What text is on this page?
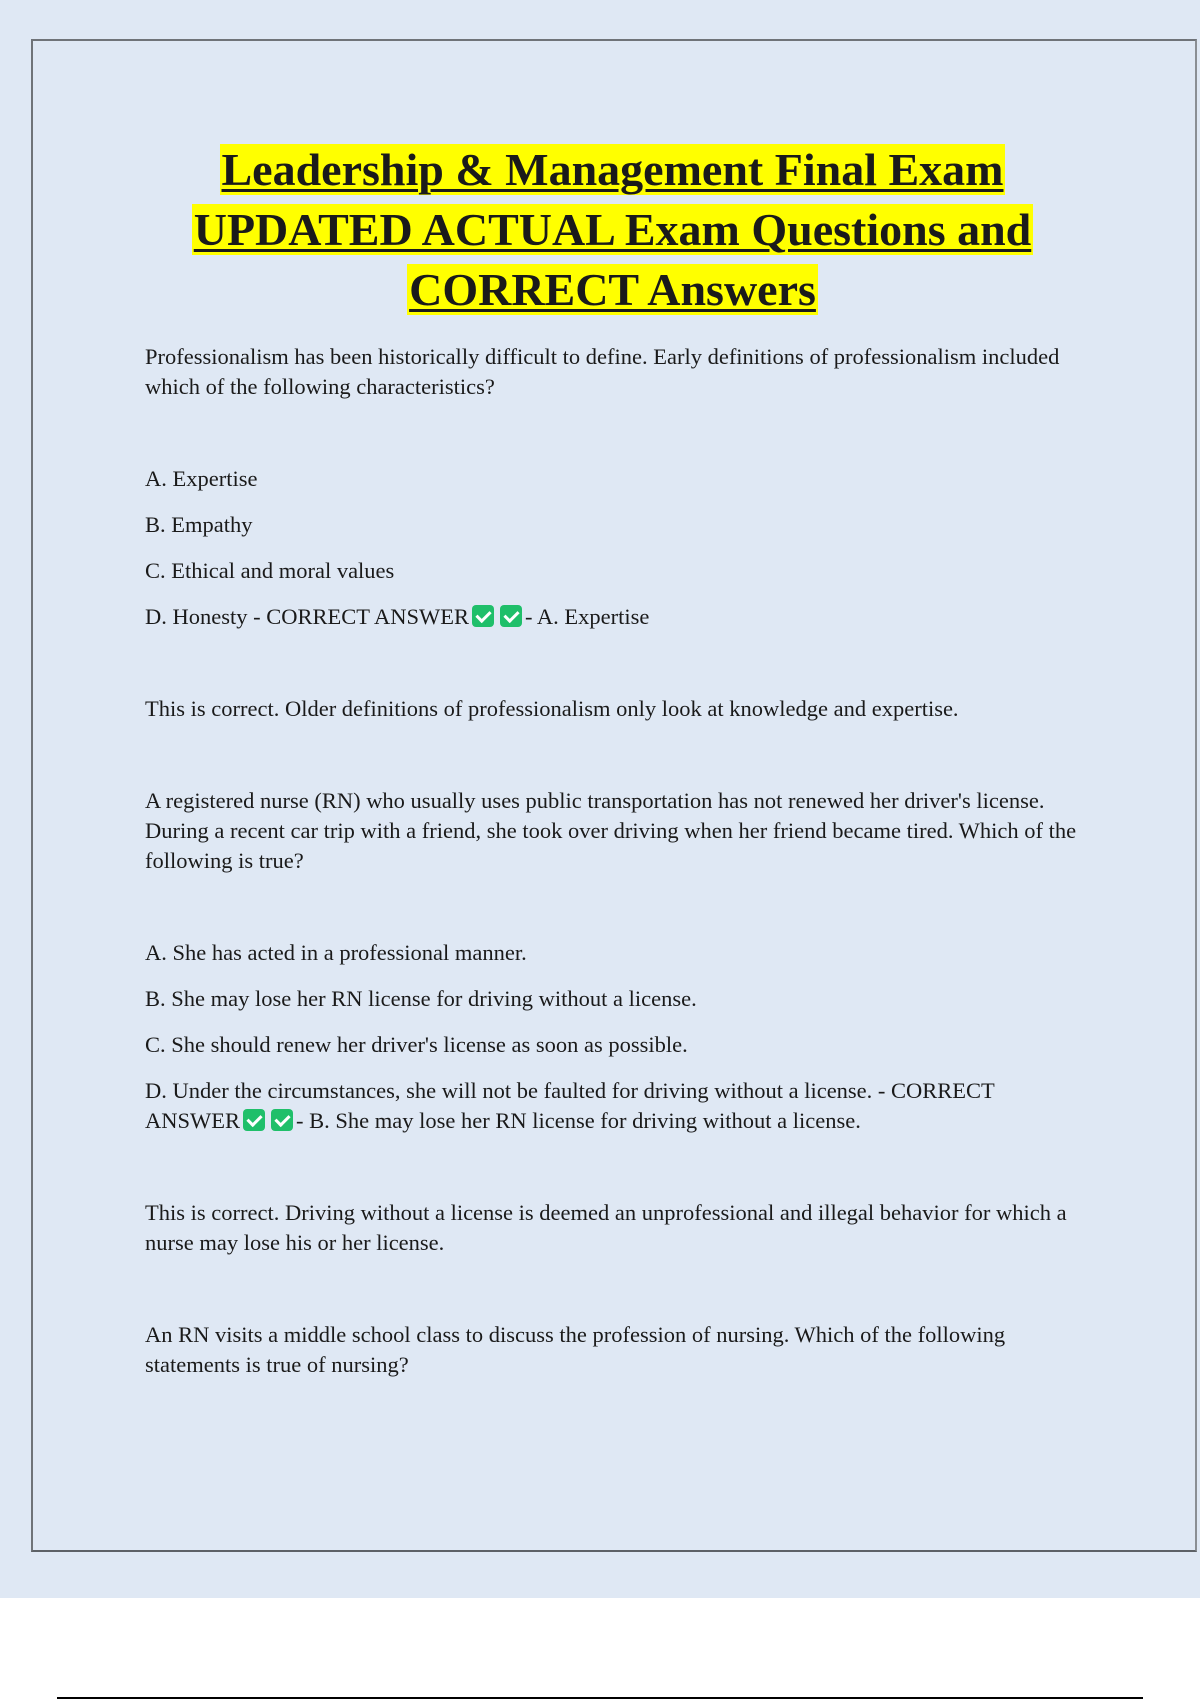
Leadership & Management Final Exam
UPDATED ACTUAL Exam Questions and
CORRECT Answers

Professionalism has been historically difficult to define. Early definitions of professionalism included which of the following characteristics?

A. Expertise

B. Empathy

C. Ethical and moral values

D. Honesty - CORRECT ANSWER - A. Expertise

This is correct. Older definitions of professionalism only look at knowledge and expertise.

A registered nurse (RN) who usually uses public transportation has not renewed her driver's license. During a recent car trip with a friend, she took over driving when her friend became tired. Which of the following is true?

A. She has acted in a professional manner.

B. She may lose her RN license for driving without a license.

C. She should renew her driver's license as soon as possible.

D. Under the circumstances, she will not be faulted for driving without a license. - CORRECT ANSWER - B. She may lose her RN license for driving without a license.

This is correct. Driving without a license is deemed an unprofessional and illegal behavior for which a nurse may lose his or her license.

An RN visits a middle school class to discuss the profession of nursing. Which of the following statements is true of nursing?
